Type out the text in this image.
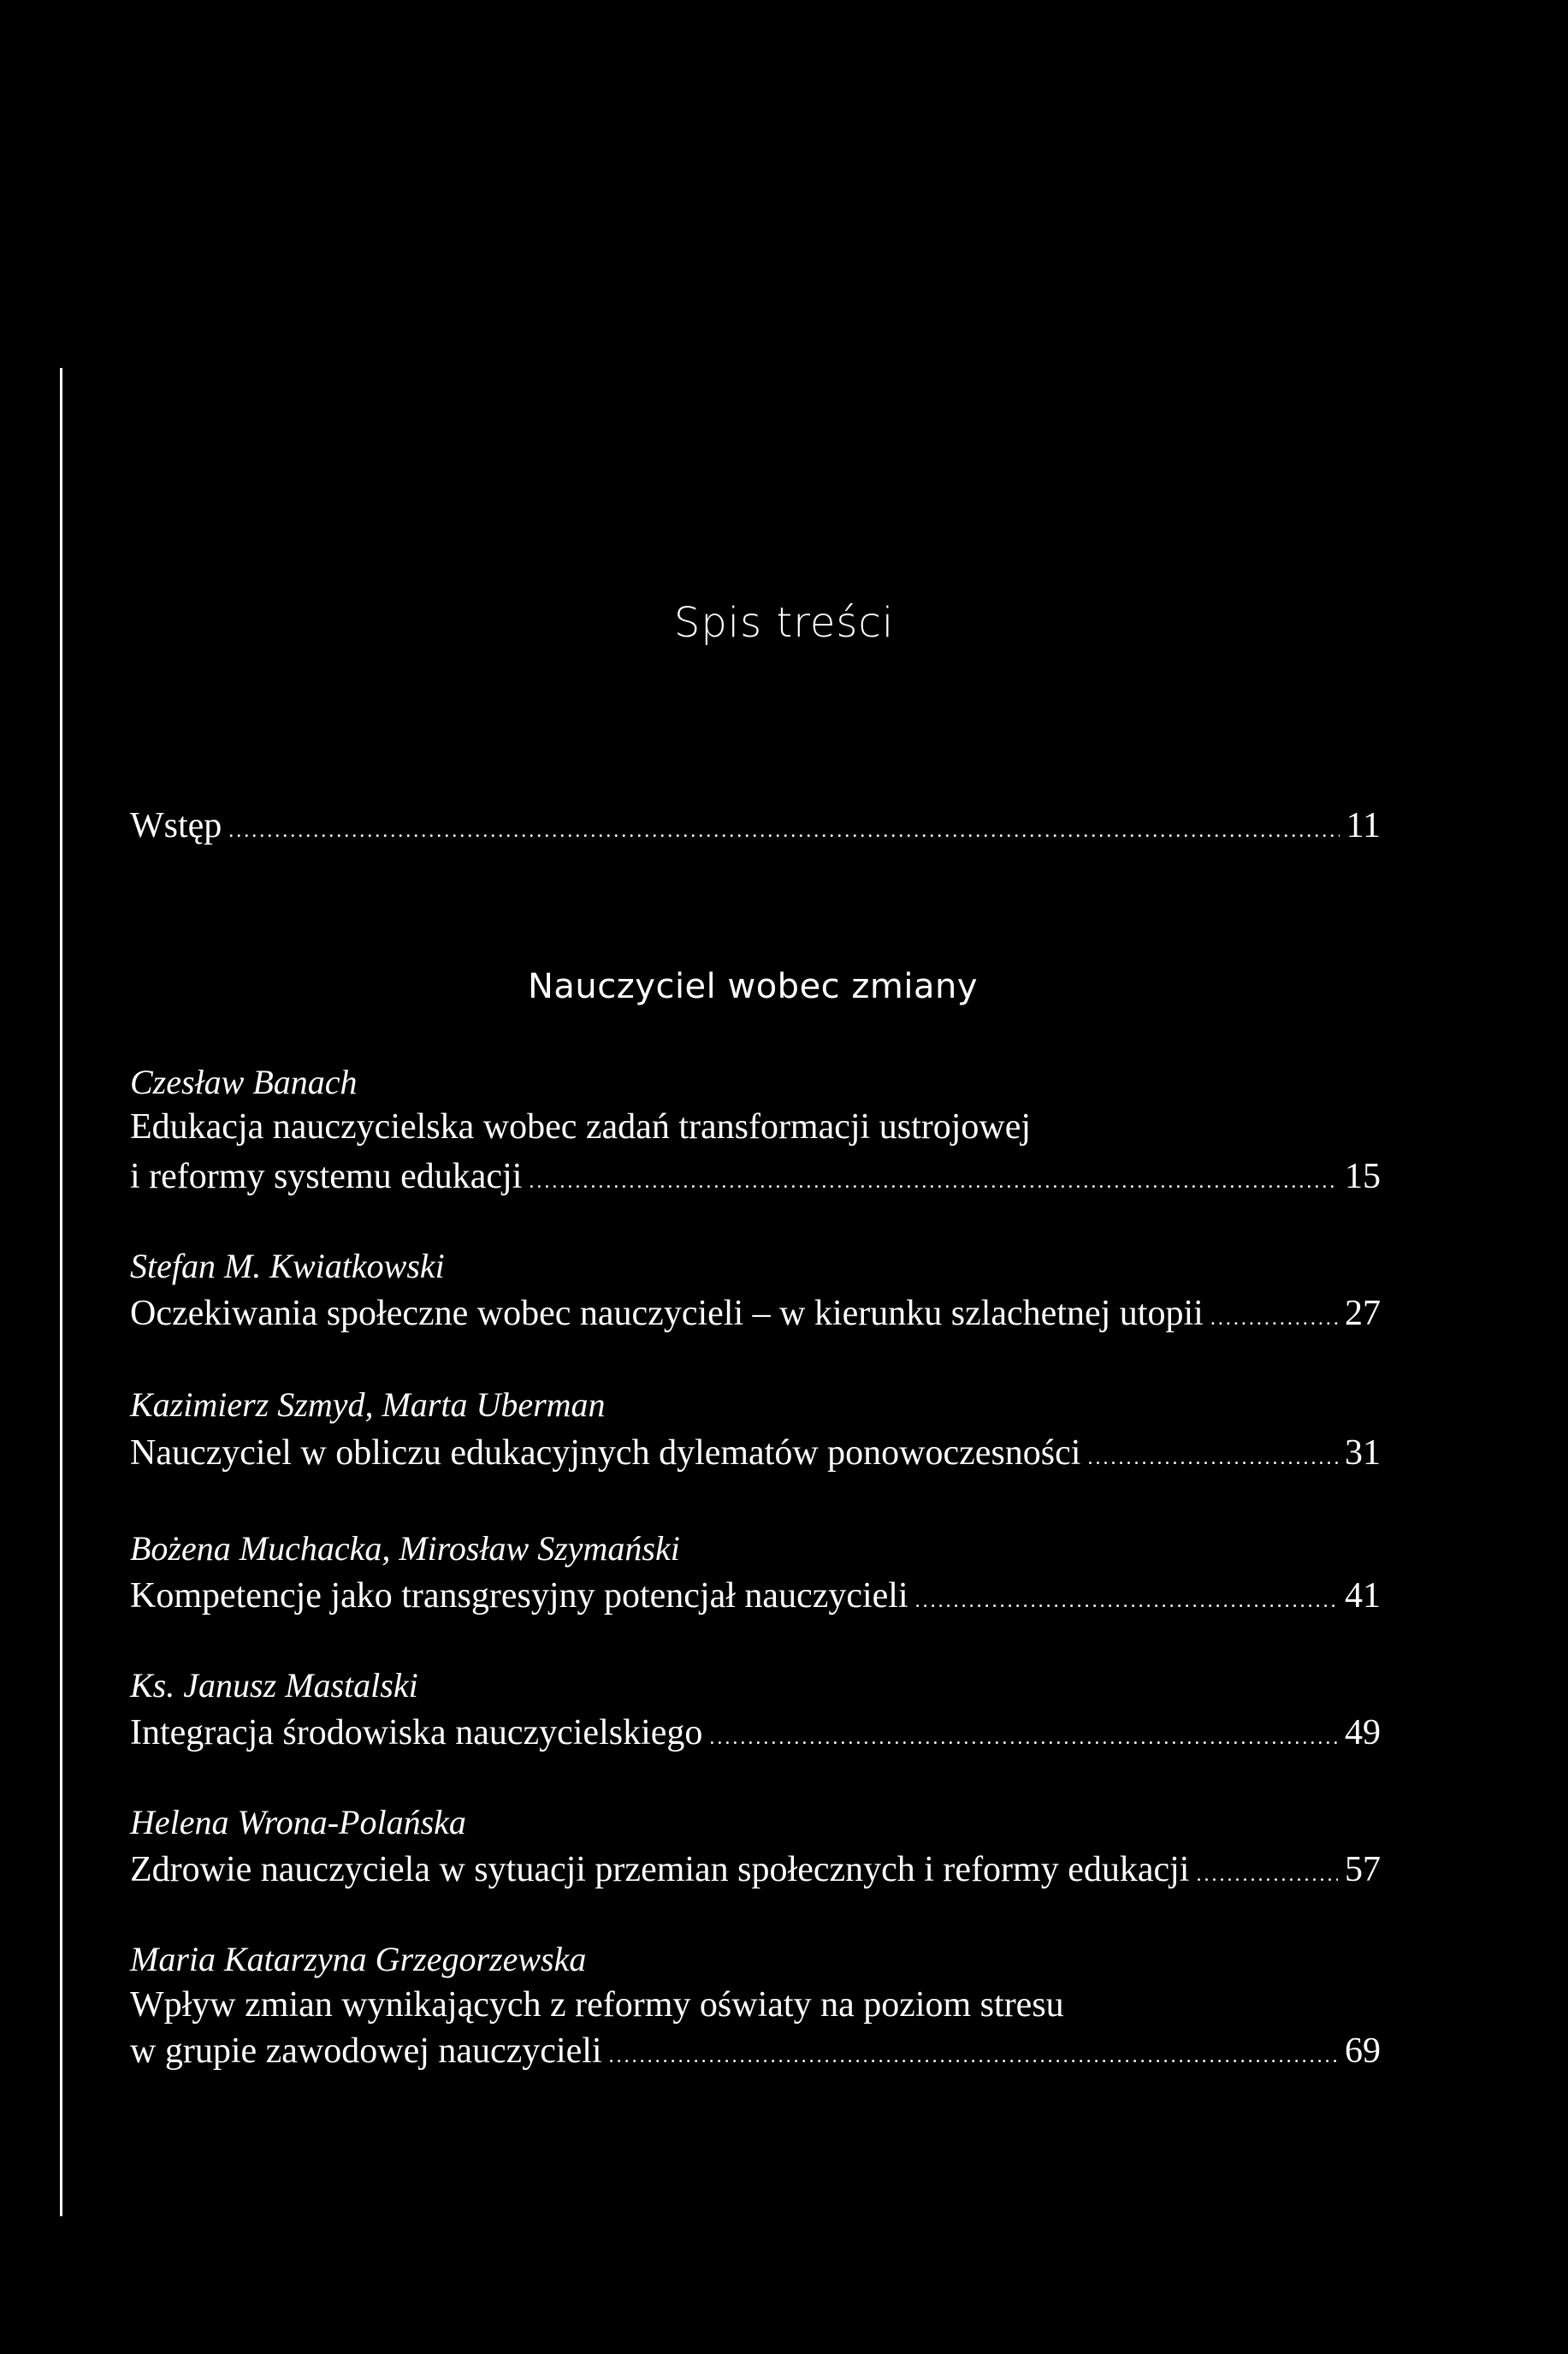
Spis treści
Wstęp .....	11
Nauczyciel wobec zmiany
Czesław Banach
Edukacja nauczycielska wobec zadań transformacji ustrojowej
i reformy systemu edukacji .....	15
Stefan M. Kwiatkowski
Oczekiwania społeczne wobec nauczycieli – w kierunku szlachetnej utopii .....	27
Kazimierz Szmyd, Marta Uberman
Nauczyciel w obliczu edukacyjnych dylematów ponowoczesności .....	31
Bożena Muchacka, Mirosław Szymański
Kompetencje jako transgresyjny potencjał nauczycieli .....	41
Ks. Janusz Mastalski
Integracja środowiska nauczycielskiego .....	49
Helena Wrona-Polańska
Zdrowie nauczyciela w sytuacji przemian społecznych i reformy edukacji .....	57
Maria Katarzyna Grzegorzewska
Wpływ zmian wynikających z reformy oświaty na poziom stresu
w grupie zawodowej nauczycieli .....	69
